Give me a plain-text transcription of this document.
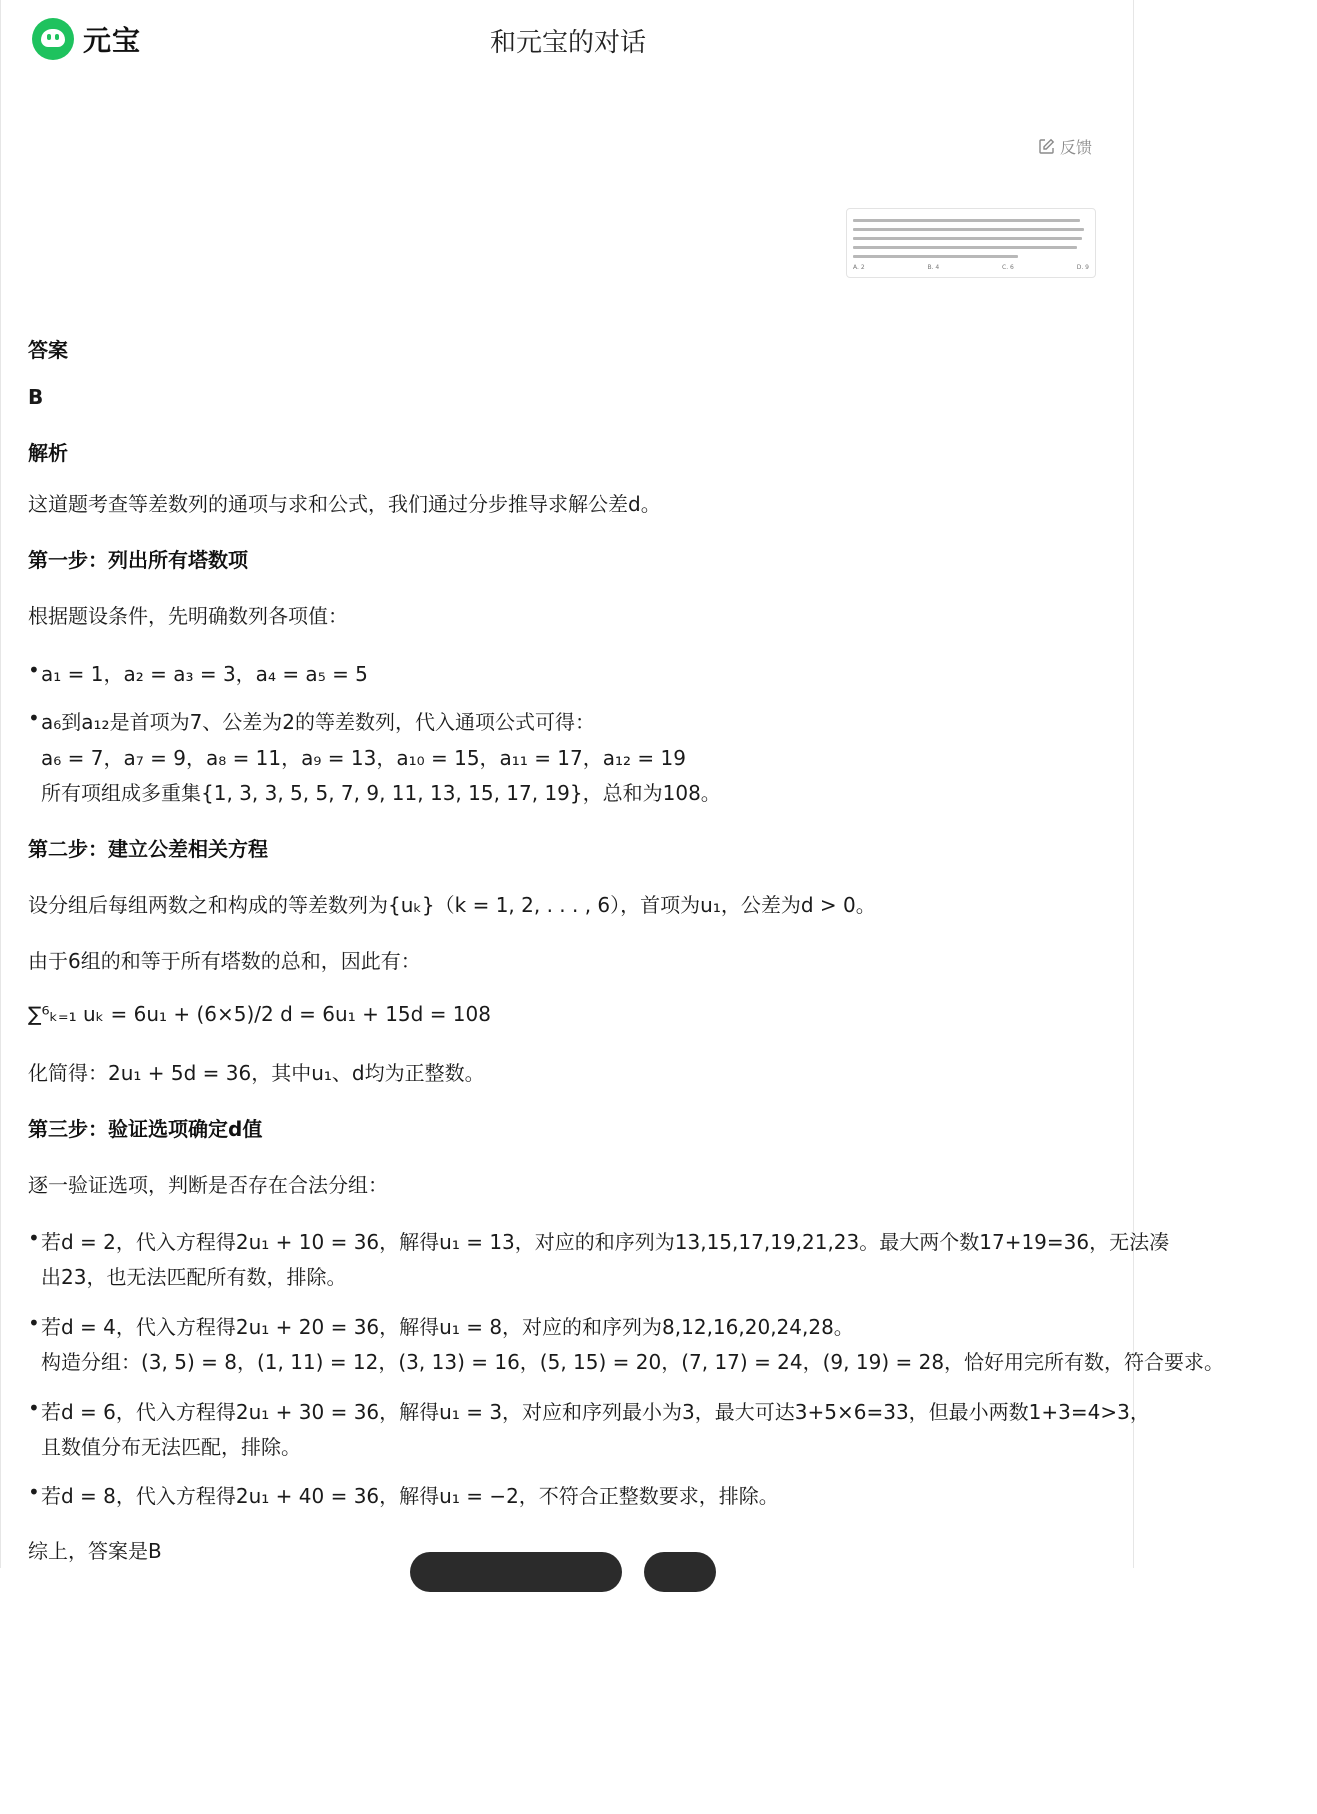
元宝	和元宝的对话
反馈
A. 2	B. 4	C. 6	D. 9
答案
B
解析
这道题考查等差数列的通项与求和公式，我们通过分步推导求解公差d。
第一步：列出所有塔数项
根据题设条件，先明确数列各项值：
• a₁ = 1，a₂ = a₃ = 3，a₄ = a₅ = 5
• a₆到a₁₂是首项为7、公差为2的等差数列，代入通项公式可得：
a₆ = 7，a₇ = 9，a₈ = 11，a₉ = 13，a₁₀ = 15，a₁₁ = 17，a₁₂ = 19
所有项组成多重集{1, 3, 3, 5, 5, 7, 9, 11, 13, 15, 17, 19}，总和为108。
第二步：建立公差相关方程
设分组后每组两数之和构成的等差数列为{uₖ}（k = 1, 2, . . . , 6），首项为u₁，公差为d > 0。
由于6组的和等于所有塔数的总和，因此有：
∑⁶ₖ₌₁ uₖ = 6u₁ + (6×5)/2 d = 6u₁ + 15d = 108
化简得：2u₁ + 5d = 36，其中u₁、d均为正整数。
第三步：验证选项确定d值
逐一验证选项，判断是否存在合法分组：
• 若d = 2，代入方程得2u₁ + 10 = 36，解得u₁ = 13，对应的和序列为13,15,17,19,21,23。最大两个数17+19=36，无法凑
出23，也无法匹配所有数，排除。
• 若d = 4，代入方程得2u₁ + 20 = 36，解得u₁ = 8，对应的和序列为8,12,16,20,24,28。
构造分组：(3, 5) = 8，(1, 11) = 12，(3, 13) = 16，(5, 15) = 20，(7, 17) = 24，(9, 19) = 28，恰好用完所有数，符合要求。
• 若d = 6，代入方程得2u₁ + 30 = 36，解得u₁ = 3，对应和序列最小为3，最大可达3+5×6=33，但最小两数1+3=4>3，
且数值分布无法匹配，排除。
• 若d = 8，代入方程得2u₁ + 40 = 36，解得u₁ = −2，不符合正整数要求，排除。
综上，答案是B
